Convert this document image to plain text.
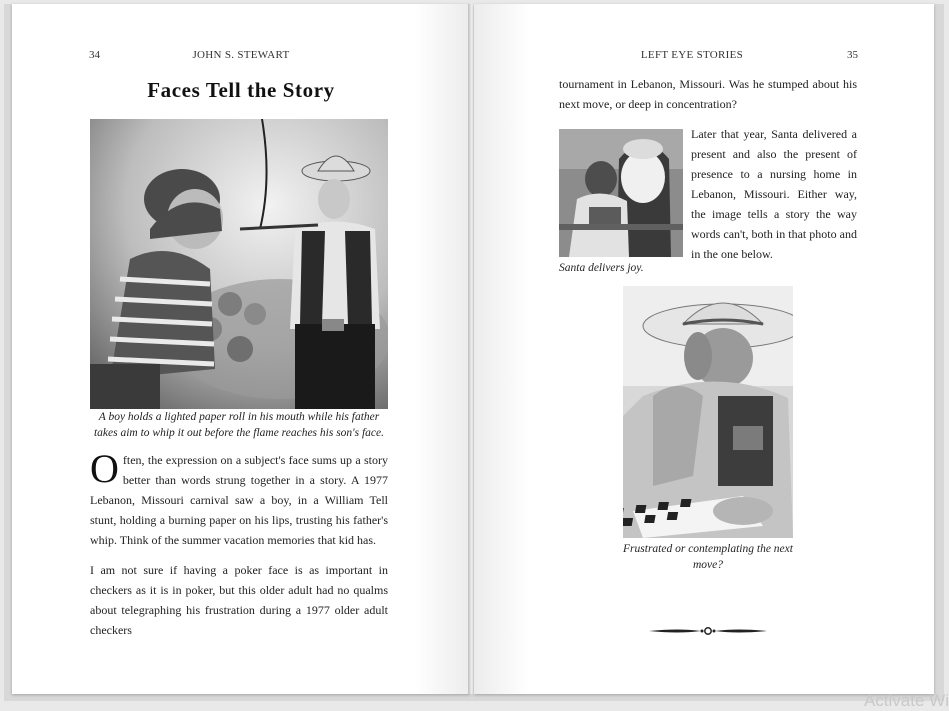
34	JOHN S. STEWART
Faces Tell the Story
A boy holds a lighted paper roll in his mouth while his father takes aim to whip it out before the flame reaches his son's face.

Often, the expression on a subject's face sums up a story better than words strung together in a story. A 1977 Lebanon, Missouri carnival saw a boy, in a William Tell stunt, holding a burning paper on his lips, trusting his father's whip. Think of the summer vacation memories that kid has.

I am not sure if having a poker face is as important in checkers as it is in poker, but this older adult had no qualms about telegraphing his frustration during a 1977 older adult checkers

LEFT EYE STORIES	35

tournament in Lebanon, Missouri. Was he stumped about his next move, or deep in concentration?

Santa delivers joy.

Later that year, Santa delivered a present and also the present of presence to a nursing home in Lebanon, Missouri. Either way, the image tells a story the way words can't, both in that photo and in the one below.

Frustrated or contemplating the next move?
Activate Wi
